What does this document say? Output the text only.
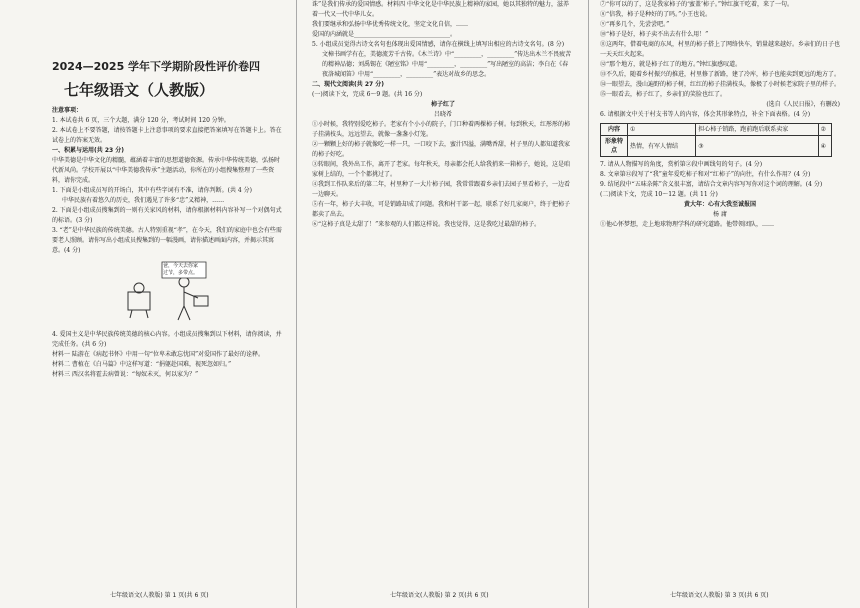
2024—2025 学年下学期阶段性评价卷四
七年级语文（人教版）

注意事项：

1. 本试卷共 6 页，三个大题，满分 120 分，考试时间 120 分钟。

2. 本试卷上不要答题，请按答题卡上注意事项的要求直接把答案填写在答题卡上。答在试卷上的答案无效。

一、积累与运用(共 23 分)

中华美德是中华文化的精髓，蕴涵着丰富的思想道德资源。传承中华传统美德，弘扬时代新风尚。学校开展以“中华美德我传承”主题活动，你所在的小组搜集整理了一些资料，请你完成。

1. 下面是小组成员写的开场白，其中有些字词有不准，请你判断。(共 4 分)

中华民族有着悠久的历史，我们遇见了许多“忠”义精神，……

2. 下面是小组成员搜集到的一则有关家风的材料，请你根据材料内容补写一个对偶句式的标语。(3 分)

3. “老”是中华民族的传统美德。古人特别重视“孝”，在今天，我们的家庭中也会有些需要老人照顾。请你写出小组成员搜集到的一幅漫画，请你描述画面内容，并揭示其寓意。(4 分)

爸，今天去你家
过节，多带点。

4. 爱国主义是中华民族传统美德的核心内容。小组成员搜集到以下材料，请你阅读，并完成任务。(共 6 分)

材料一 陆游在《病起书怀》中用一句“位卑未敢忘忧国”对爱国作了最好的诠释。

材料二 曹植在《白马篇》中这样写道：“捐躯赴国难，视死忽如归。”

材料三 西汉名将霍去病曾说：“匈奴未灭，何以家为？”

七年级语文(人教版) 第 1 页(共 6 页)

诛”是我们传承的爱国情感。材料四 中华文化是中华民族上精神的家园，她以其独特的魅力，滋养着一代又一代中华儿女。

我们要继承和弘扬中华优秀传统文化，坚定文化自信，……

爱国的内涵就是________________________________。

5. 小组成员觉得古诗文名句也体现出爱国情感，请你在横线上填写出相应的古诗文名句。(8 分)

文樟书画学有在，美德流芳千古传。《木兰诗》中“_________，_________”传达出木兰不畏疲苦的精神品德；刘禹锡在《陋室铭》中用“_________，_________”写出陋室的高洁；李白在《春夜洛城闻笛》中用“_________，_________”表达对故乡的思念。

二、现代文阅读(共 27 分)

(一)阅读下文，完成 6～9 题。(共 16 分)

柿子红了

吕晓希

①小时候，我特别爱吃柿子。老家有个小小的院子，门口种着两棵柿子树。每到秋天，红彤彤的柿子挂满枝头，远远望去，就像一盏盏小灯笼。

②一颗颗上好的柿子就像吃一样一只，一口咬下去，蜜汁四溢，满嘴香甜，村子里的人都知道我家的柿子好吃。

③转眼间，我外出工作，离开了老家。每年秋天，母亲都会托人给我捎来一箱柿子，她说，这是咱家树上结的，一个个都挑过了。

④我到工作队来后的第二年，村里种了一大片柿子园，我常常跟着乡亲们去园子里看柿子，一边看一边聊天。

⑤有一年，柿子大丰收，可是销路却成了问题。我和村干部一起，联系了好几家商户，终于把柿子都卖了出去。

⑥“这柿子真是太甜了！”来参观的人们都这样说。我也觉得，这是我吃过最甜的柿子。

七年级语文(人教版) 第 2 页(共 6 页)

⑦“你可以的了，这是我家柿子的‘蜜盖’柿子。”钟红旗干吃着，来了一句。

⑧“信我，柿子是种好的了吗。”小王也说。

⑨“再多几个，先尝尝吧。”

⑩“柿子是好，柿子卖不出去有什么用！”

⑪这两年，借着电商的东风，村里的柿子搭上了网络快车，销量越来越好。乡亲们的日子也一天天红火起来。

⑫“那个地方，就是柿子红了的地方。”钟红旗感叹道。

⑬不久后，随着乡村振兴的推进，村里修了新路，建了冷库，柿子也能卖到更远的地方了。

⑭一眼望去，漫山遍野的柿子树，红红的柿子挂满枝头，像极了小时候老家院子里的样子。

⑮一眼看去，柿子红了，乡亲们的笑脸也红了。

(选自《人民日报》，有删改)

6. 请根据文中关于村支书等人的内容，体会其形象特点，补全下面表格。(4 分)

内容	①	担心柿子销路，跑前跑后联系卖家	②
形象特点	热情，有军人情结	③	④

7. 请从人物描写的角度，赏析第②段中画线句的句子。(4 分)

8. 文章第⑫段写了“我”童年爱吃柿子和对“红柿子”的向往，有什么作用？(4 分)

9. 结尾段中“五味杂陈”含义很丰富，请结合文章内容写写你对这个词的理解。(4 分)

(二)阅读下文，完成 10～12 题。(共 11 分)

黄大年：心有大我至诚报国

杨 庸

①他心怀梦想，走上地球物理学科的研究道路。他带领团队，……

七年级语文(人教版) 第 3 页(共 6 页)
